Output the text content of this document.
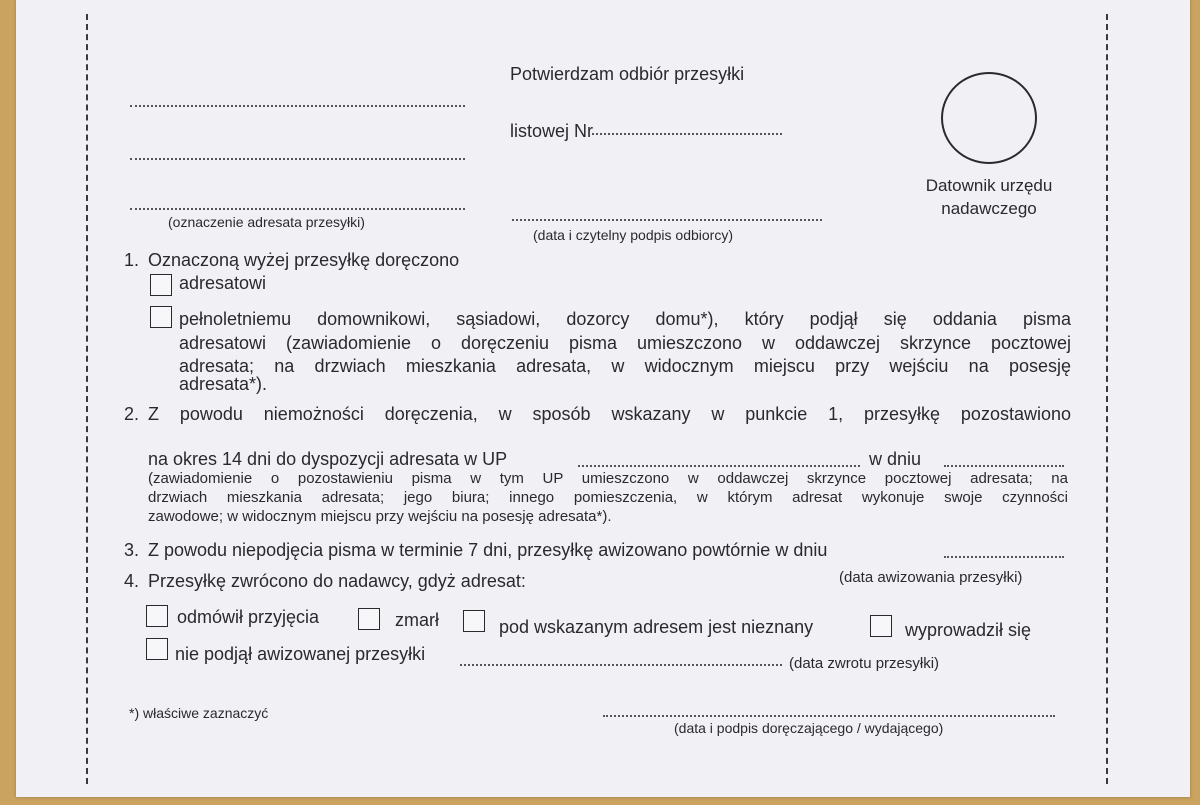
Potwierdzam odbiór przesyłki
listowej Nr
(oznaczenie adresata przesyłki)
(data i czytelny podpis odbiorcy)
Datownik urzędu
nadawczego
1. Oznaczoną wyżej przesyłkę doręczono
adresatowi
pełnoletniemu domownikowi, sąsiadowi, dozorcy domu*), który podjął się oddania pisma
adresatowi (zawiadomienie o doręczeniu pisma umieszczono w oddawczej skrzynce pocztowej
adresata; na drzwiach mieszkania adresata, w widocznym miejscu przy wejściu na posesję
adresata*).
2. Z powodu niemożności doręczenia, w sposób wskazany w punkcie 1, przesyłkę pozostawiono
na okres 14 dni do dyspozycji adresata w UP	w dniu
(zawiadomienie o pozostawieniu pisma w tym UP umieszczono w oddawczej skrzynce pocztowej adresata; na
drzwiach mieszkania adresata; jego biura; innego pomieszczenia, w którym adresat wykonuje swoje czynności
zawodowe; w widocznym miejscu przy wejściu na posesję adresata*).
3. Z powodu niepodjęcia pisma w terminie 7 dni, przesyłkę awizowano powtórnie w dniu
(data awizowania przesyłki)
4. Przesyłkę zwrócono do nadawcy, gdyż adresat:
odmówił przyjęcia	zmarł	pod wskazanym adresem jest nieznany	wyprowadził się
nie podjął awizowanej przesyłki	(data zwrotu przesyłki)
*) właściwe zaznaczyć
(data i podpis doręczającego / wydającego)
